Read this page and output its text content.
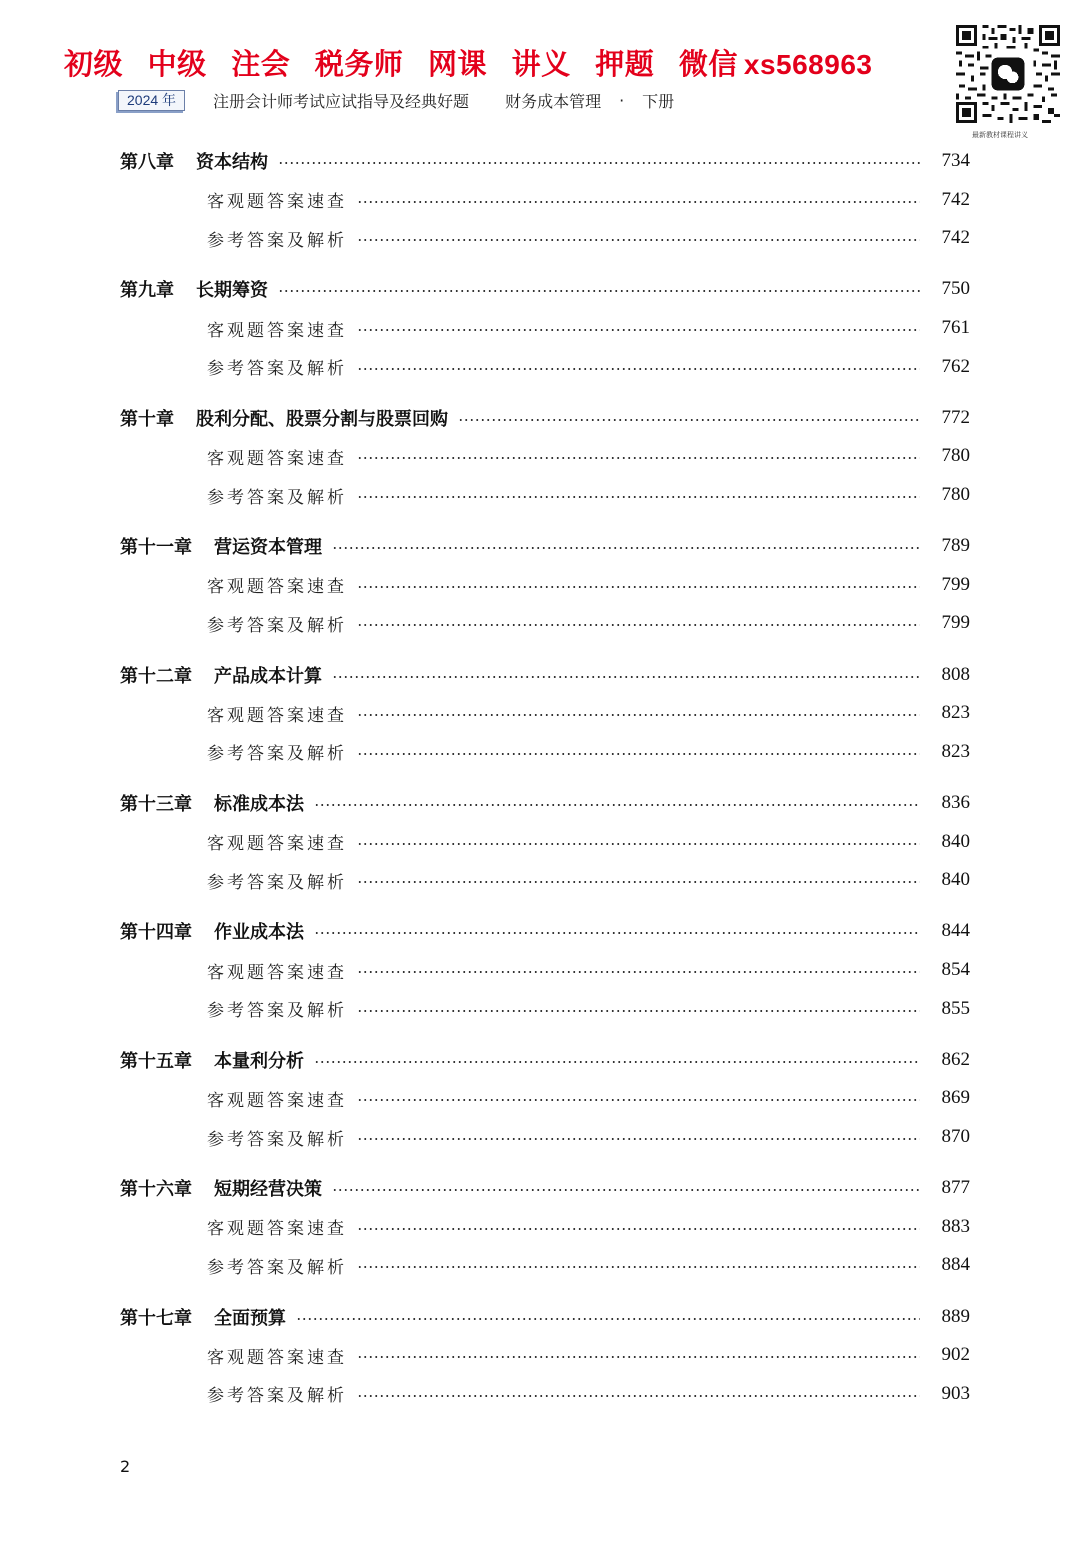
初级 中级 注会 税务师 网课 讲义 押题 微信 xs568963
2024 年	注册会计师考试应试指导及经典好题 财务成本管理 · 下册
最新教材课程讲义
第八章 资本结构	734
客观题答案速查	742
参考答案及解析	742
第九章 长期筹资	750
客观题答案速查	761
参考答案及解析	762
第十章 股利分配、股票分割与股票回购	772
客观题答案速查	780
参考答案及解析	780
第十一章 营运资本管理	789
客观题答案速查	799
参考答案及解析	799
第十二章 产品成本计算	808
客观题答案速查	823
参考答案及解析	823
第十三章 标准成本法	836
客观题答案速查	840
参考答案及解析	840
第十四章 作业成本法	844
客观题答案速查	854
参考答案及解析	855
第十五章 本量利分析	862
客观题答案速查	869
参考答案及解析	870
第十六章 短期经营决策	877
客观题答案速查	883
参考答案及解析	884
第十七章 全面预算	889
客观题答案速查	902
参考答案及解析	903
2
